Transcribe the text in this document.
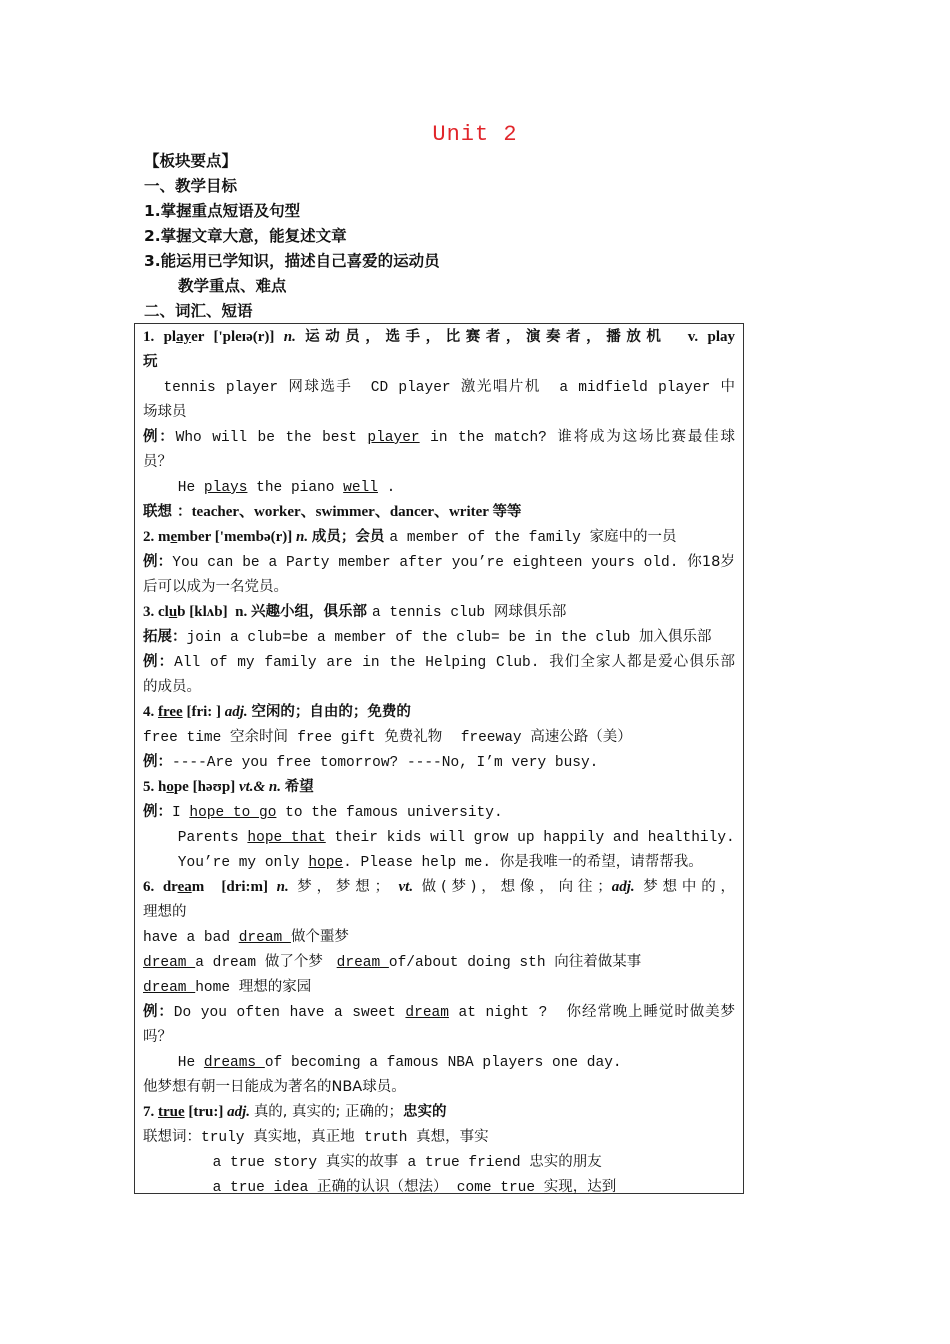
Unit 2
【板块要点】
一、教学目标
1.掌握重点短语及句型
2.掌握文章大意，能复述文章
3.能运用已学知识，描述自己喜爱的运动员
教学重点、难点
二、词汇、短语
1. player ['pleɪə(r)] n. 运动员，选手，比赛者，演奏者，播放机  v. play
玩
tennis player 网球选手   CD player 激光唱片机   a midfield player 中
场球员
例：Who will be the best player in the match? 谁将成为这场比赛最佳球
员？
He plays the piano well .
联想 ：teacher、worker、swimmer、dancer、writer 等等
2. member ['membə(r)] n. 成员；会员 a member of the family 家庭中的一员
例：You can be a Party member after you’re eighteen yours old. 你18岁
后可以成为一名党员。
3. club [klʌb]  n. 兴趣小组，俱乐部 a tennis club 网球俱乐部
拓展：join a club=be a member of the club= be in the club 加入俱乐部
例：All of my family are in the Helping Club. 我们全家人都是爱心俱乐部
的成员。
4. free [fri: ] adj. 空闲的；自由的；免费的
free time 空余时间  free gift 免费礼物    freeway 高速公路（美）
例：----Are you free tomorrow? ----No, I’m very busy.
5. hope [həʊp] vt.& n. 希望
例：I hope to go to the famous university.
Parents hope that their kids will grow up happily and healthily.
You’re my only hope. Please help me. 你是我唯一的希望，请帮帮我。
6. dream  [dri:m] n. 梦，梦想； vt. 做(梦)，想像，向往；adj. 梦想中的，
理想的
have a bad dream 做个噩梦
dream a dream 做了个梦   dream of/about doing sth 向往着做某事
dream home 理想的家园
例：Do you often have a sweet dream at night ?  你经常晚上睡觉时做美梦
吗？
He dreams of becoming a famous NBA players one day.
他梦想有朝一日能成为著名的NBA球员。
7. true [tru:] adj. 真的, 真实的; 正确的；忠实的
联想词：truly 真实地，真正地  truth 真想，事实
a true story 真实的故事  a true friend 忠实的朋友
a true idea 正确的认识（想法）  come true 实现，达到
